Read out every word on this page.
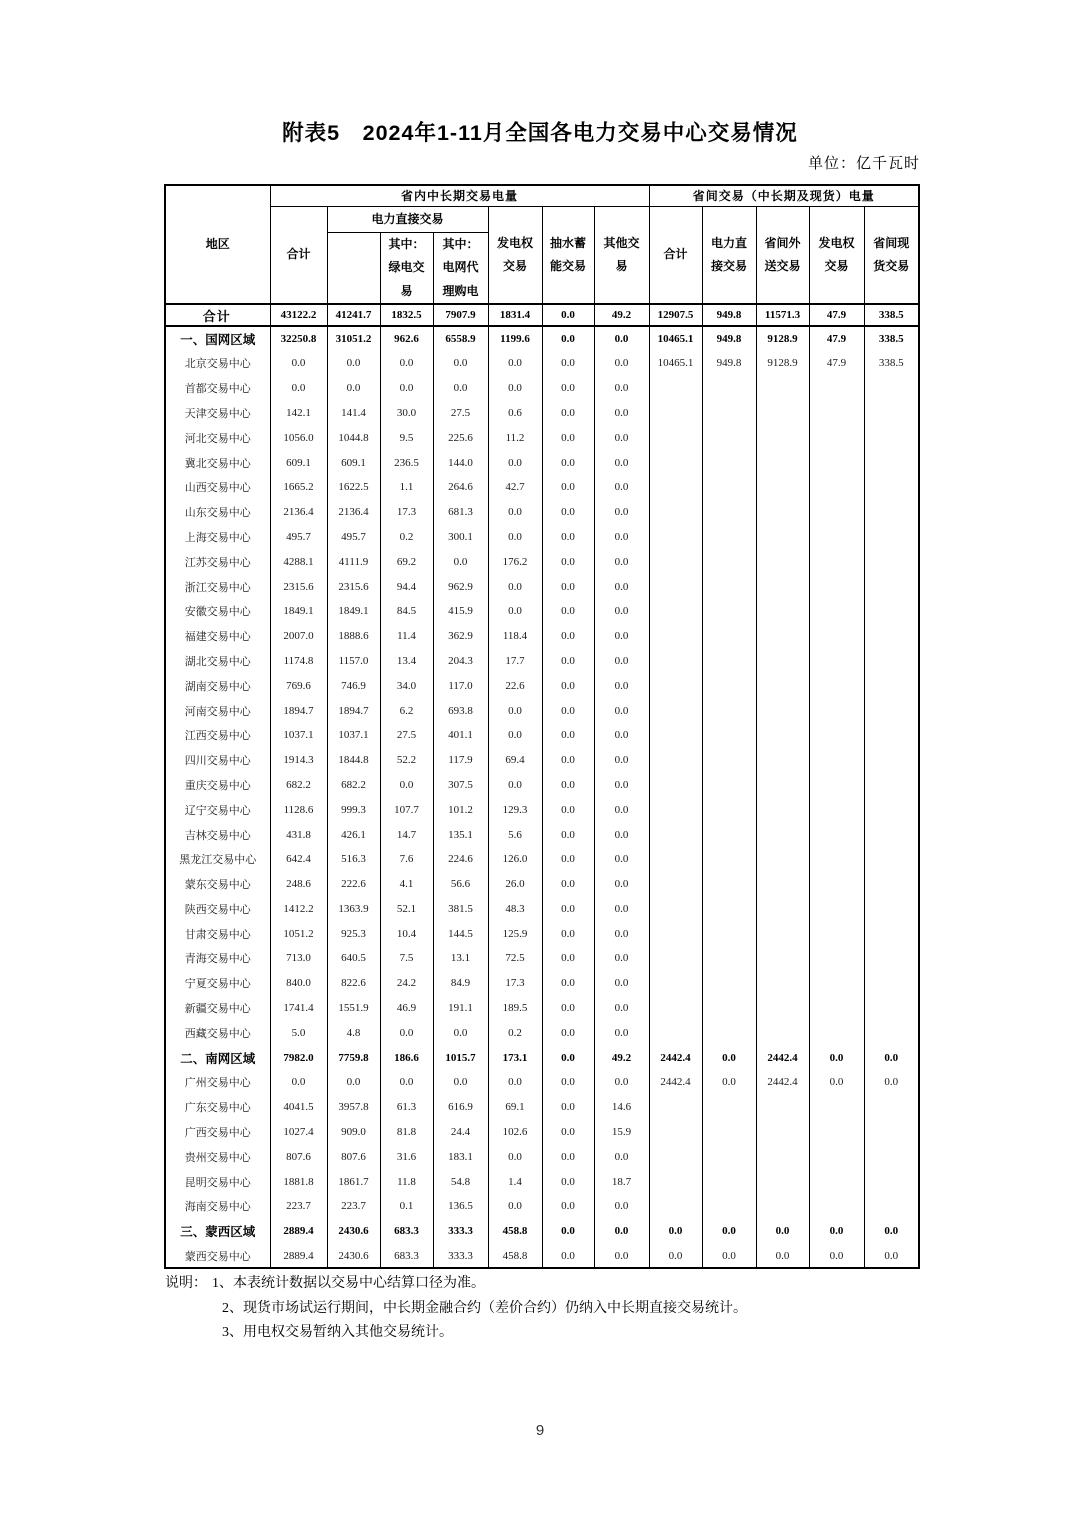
附表5　2024年1-11月全国各电力交易中心交易情况
单位：亿千瓦时
地区	省内中长期交易电量							省间交易（中长期及现货）电量				
	合计	电力直接交易			发电权交易	抽水蓄能交易	其他交易	合计	电力直接交易	省间外送交易	发电权交易	省间现货交易
			其中：绿电交易	其中：电网代理购电								
合计	43122.2	41241.7	1832.5	7907.9	1831.4	0.0	49.2	12907.5	949.8	11571.3	47.9	338.5
一、国网区域	32250.8	31051.2	962.6	6558.9	1199.6	0.0	0.0	10465.1	949.8	9128.9	47.9	338.5
北京交易中心	0.0	0.0	0.0	0.0	0.0	0.0	0.0	10465.1	949.8	9128.9	47.9	338.5
首都交易中心	0.0	0.0	0.0	0.0	0.0	0.0	0.0					
天津交易中心	142.1	141.4	30.0	27.5	0.6	0.0	0.0					
河北交易中心	1056.0	1044.8	9.5	225.6	11.2	0.0	0.0					
冀北交易中心	609.1	609.1	236.5	144.0	0.0	0.0	0.0					
山西交易中心	1665.2	1622.5	1.1	264.6	42.7	0.0	0.0					
山东交易中心	2136.4	2136.4	17.3	681.3	0.0	0.0	0.0					
上海交易中心	495.7	495.7	0.2	300.1	0.0	0.0	0.0					
江苏交易中心	4288.1	4111.9	69.2	0.0	176.2	0.0	0.0					
浙江交易中心	2315.6	2315.6	94.4	962.9	0.0	0.0	0.0					
安徽交易中心	1849.1	1849.1	84.5	415.9	0.0	0.0	0.0					
福建交易中心	2007.0	1888.6	11.4	362.9	118.4	0.0	0.0					
湖北交易中心	1174.8	1157.0	13.4	204.3	17.7	0.0	0.0					
湖南交易中心	769.6	746.9	34.0	117.0	22.6	0.0	0.0					
河南交易中心	1894.7	1894.7	6.2	693.8	0.0	0.0	0.0					
江西交易中心	1037.1	1037.1	27.5	401.1	0.0	0.0	0.0					
四川交易中心	1914.3	1844.8	52.2	117.9	69.4	0.0	0.0					
重庆交易中心	682.2	682.2	0.0	307.5	0.0	0.0	0.0					
辽宁交易中心	1128.6	999.3	107.7	101.2	129.3	0.0	0.0					
吉林交易中心	431.8	426.1	14.7	135.1	5.6	0.0	0.0					
黑龙江交易中心	642.4	516.3	7.6	224.6	126.0	0.0	0.0					
蒙东交易中心	248.6	222.6	4.1	56.6	26.0	0.0	0.0					
陕西交易中心	1412.2	1363.9	52.1	381.5	48.3	0.0	0.0					
甘肃交易中心	1051.2	925.3	10.4	144.5	125.9	0.0	0.0					
青海交易中心	713.0	640.5	7.5	13.1	72.5	0.0	0.0					
宁夏交易中心	840.0	822.6	24.2	84.9	17.3	0.0	0.0					
新疆交易中心	1741.4	1551.9	46.9	191.1	189.5	0.0	0.0					
西藏交易中心	5.0	4.8	0.0	0.0	0.2	0.0	0.0					
二、南网区域	7982.0	7759.8	186.6	1015.7	173.1	0.0	49.2	2442.4	0.0	2442.4	0.0	0.0
广州交易中心	0.0	0.0	0.0	0.0	0.0	0.0	0.0	2442.4	0.0	2442.4	0.0	0.0
广东交易中心	4041.5	3957.8	61.3	616.9	69.1	0.0	14.6					
广西交易中心	1027.4	909.0	81.8	24.4	102.6	0.0	15.9					
贵州交易中心	807.6	807.6	31.6	183.1	0.0	0.0	0.0					
昆明交易中心	1881.8	1861.7	11.8	54.8	1.4	0.0	18.7					
海南交易中心	223.7	223.7	0.1	136.5	0.0	0.0	0.0					
三、蒙西区域	2889.4	2430.6	683.3	333.3	458.8	0.0	0.0	0.0	0.0	0.0	0.0	0.0
蒙西交易中心	2889.4	2430.6	683.3	333.3	458.8	0.0	0.0	0.0	0.0	0.0	0.0	0.0
说明： 1、本表统计数据以交易中心结算口径为准。
2、现货市场试运行期间，中长期金融合约（差价合约）仍纳入中长期直接交易统计。
3、用电权交易暂纳入其他交易统计。
9
